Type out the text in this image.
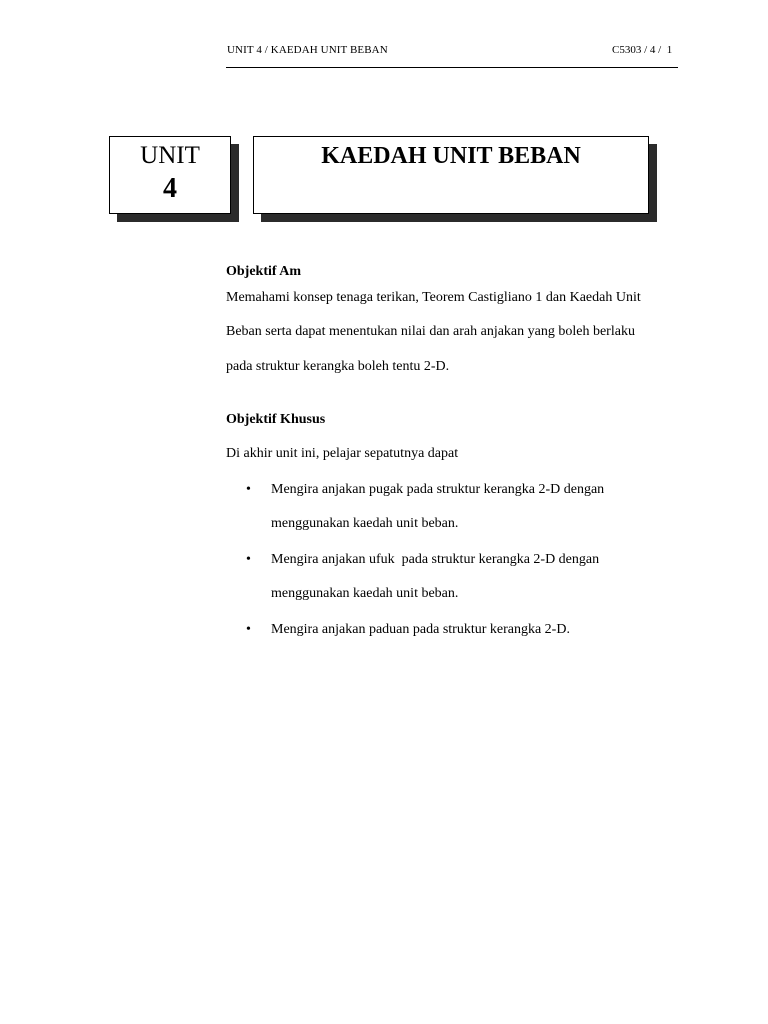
UNIT 4 / KAEDAH UNIT BEBAN	C5303 / 4 /  1
UNIT
4
KAEDAH UNIT BEBAN
Objektif Am
Memahami konsep tenaga terikan, Teorem Castigliano 1 dan Kaedah Unit
Beban serta dapat menentukan nilai dan arah anjakan yang boleh berlaku
pada struktur kerangka boleh tentu 2-D.
Objektif Khusus
Di akhir unit ini, pelajar sepatutnya dapat
• Mengira anjakan pugak pada struktur kerangka 2-D dengan
menggunakan kaedah unit beban.
• Mengira anjakan ufuk  pada struktur kerangka 2-D dengan
menggunakan kaedah unit beban.
• Mengira anjakan paduan pada struktur kerangka 2-D.
